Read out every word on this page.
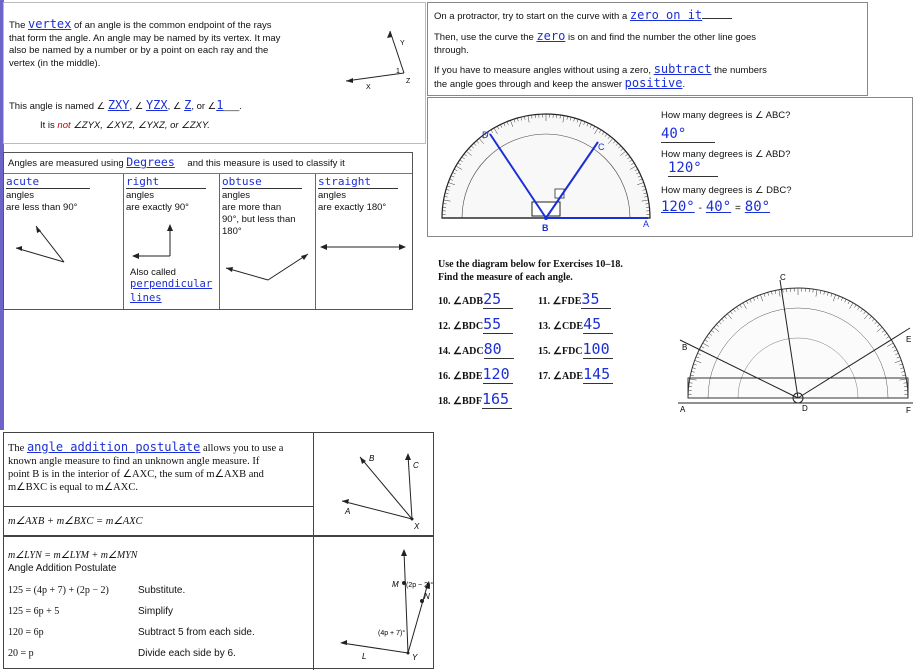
The vertex of an angle is the common endpoint of the rays
that form the angle. An angle may be named by its vertex. It may
also be named by a number or by a point on each ray and the
vertex (in the middle).
Y
1
X
Z
This angle is named ∠ ZXY, ∠ YZX, ∠ Z, or ∠1___.
It is not ∠ZYX, ∠XYZ, ∠YXZ, or ∠ZXY.
Angles are measured using Degrees and this measure is used to classify it
acute
angles
are less than 90°
right
angles
are exactly 90°
Also called
perpendicular
lines
obtuse
angles
are more than
90°, but less than
180°
straight
angles
are exactly 180°
On a protractor, try to start on the curve with a zero on it
Then, use the curve the zero is on and find the number the other line goes
through.
If you have to measure angles without using a zero, subtract the numbers
the angle goes through and keep the answer positive.
D
C
A
B
How many degrees is ∠ ABC?
40°
How many degrees is ∠ ABD?
120°
How many degrees is ∠ DBC?
120° - 40° = 80°
Use the diagram below for Exercises 10–18.
Find the measure of each angle.
10. ∠ADB25	11. ∠FDE35
12. ∠BDC55	13. ∠CDE45
14. ∠ADC80	15. ∠FDC100
16. ∠BDE120	17. ∠ADE145
18. ∠BDF165
C
B
E
A	D	F
The angle addition postulate allows you to use a
known angle measure to find an unknown angle measure. If
point B is in the interior of ∠AXC, the sum of m∠AXB and
m∠BXC is equal to m∠AXC.
m∠AXB + m∠BXC = m∠AXC
B
C
A
X
m∠LYN = m∠LYM + m∠MYN
Angle Addition Postulate
125 = (4p + 7) + (2p − 2)	Substitute.
125 = 6p + 5	Simplify
120 = 6p	Subtract 5 from each side.
20 = p	Divide each side by 6.
M
N
L	Y
(2p − 2)°
(4p + 7)°
